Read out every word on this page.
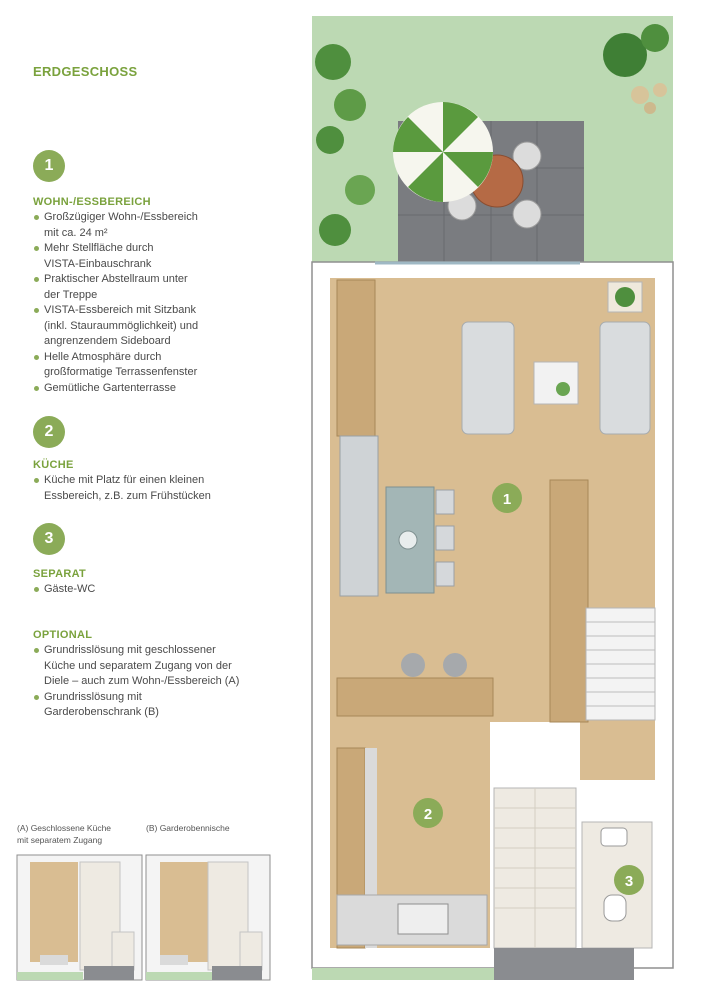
ERDGESCHOSS
1
WOHN-/ESSBEREICH
Großzügiger Wohn-/Essbereich
mit ca. 24 m²
Mehr Stellfläche durch
VISTA-Einbauschrank
Praktischer Abstellraum unter
der Treppe
VISTA-Essbereich mit Sitzbank
(inkl. Stauraummöglichkeit) und
angrenzendem Sideboard
Helle Atmosphäre durch
großformatige Terrassenfenster
Gemütliche Gartenterrasse
2
KÜCHE
Küche mit Platz für einen kleinen
Essbereich, z.B. zum Frühstücken
3
SEPARAT
Gäste-WC
OPTIONAL
Grundrisslösung mit geschlossener
Küche und separatem Zugang von der
Diele – auch zum Wohn-/Essbereich (A)
Grundrisslösung mit
Garderobenschrank (B)
(A) Geschlossene Küche
mit separatem Zugang
(B) Garderobennische
1
2
3
